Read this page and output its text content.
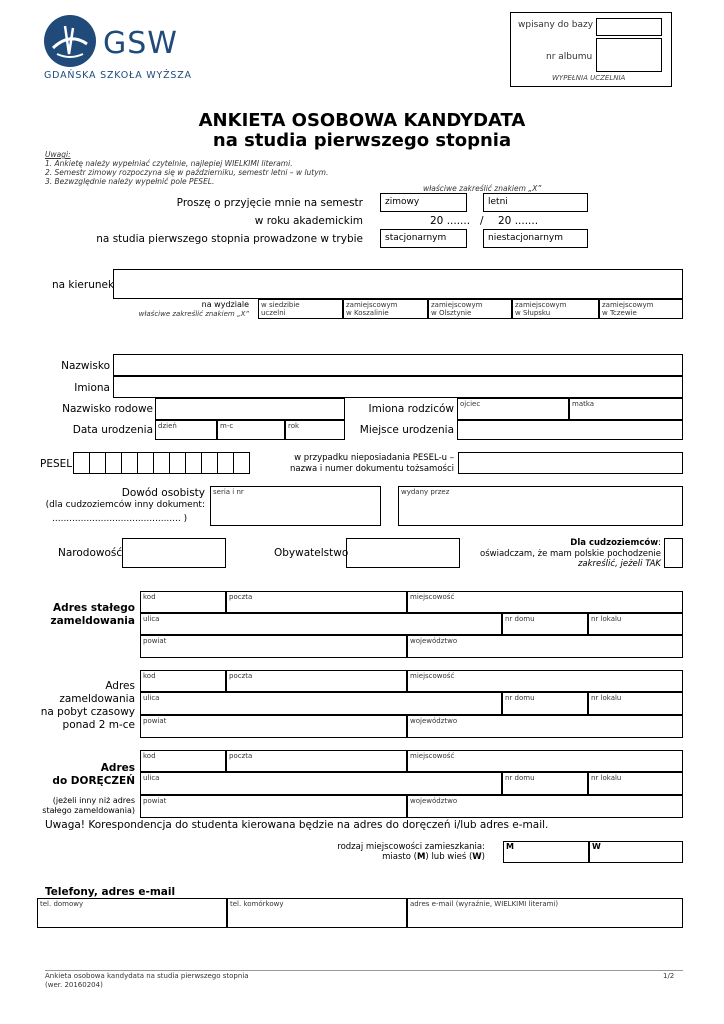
GSW
GDAŃSKA SZKOŁA WYŻSZA
wpisany do bazy
nr albumu
WYPEŁNIA UCZELNIA
ANKIETA OSOBOWA KANDYDATA
na studia pierwszego stopnia
Uwagi:
1. Ankietę należy wypełniać czytelnie, najlepiej WIELKIMI literami.
2. Semestr zimowy rozpoczyna się w październiku, semestr letni – w lutym.
3. Bezwzględnie należy wypełnić pole PESEL.
właściwe zakreślić znakiem „X”
Proszę o przyjęcie mnie na semestr zimowy	letni
w roku akademickim	20 ....... / 20 .......
na studia pierwszego stopnia prowadzone w trybie stacjonarnym	niestacjonarnym
na kierunek
na wydziale
właściwe zakreślić znakiem „X”
w siedzibie
uczelni
zamiejscowym
w Koszalinie
zamiejscowym
w Olsztynie
zamiejscowym
w Słupsku
zamiejscowym
w Tczewie
Nazwisko
Imiona
Nazwisko rodowe	Imiona rodziców ojciec	matka
Data urodzenia dzień	m-c	rok	Miejsce urodzenia
PESEL	w przypadku nieposiadania PESEL-u –
nazwa i numer dokumentu tożsamości
Dowód osobisty
(dla cudzoziemców inny dokument:
............................................. )
seria i nr	wydany przez
Narodowość	Obywatelstwo
Dla cudzoziemców:
oświadczam, że mam polskie pochodzenie
zakreślić, jeżeli TAK
Adres stałego
zameldowania
kod	poczta	miejscowość
ulica	nr domu	nr lokalu
powiat	województwo
Adres
zameldowania
na pobyt czasowy
ponad 2 m-ce
kod	poczta	miejscowość
ulica	nr domu	nr lokalu
powiat	województwo
Adres
do DORĘCZEŃ
(jeżeli inny niż adres
stałego zameldowania)
kod	poczta	miejscowość
ulica	nr domu	nr lokalu
powiat	województwo
Uwaga! Korespondencja do studenta kierowana będzie na adres do doręczeń i/lub adres e-mail.
rodzaj miejscowości zamieszkania:
miasto (M) lub wieś (W)
M	W
Telefony, adres e-mail
tel. domowy	tel. komórkowy	adres e-mail (wyraźnie, WIELKIMI literami)
Ankieta osobowa kandydata na studia pierwszego stopnia
(wer. 20160204)
1/2
